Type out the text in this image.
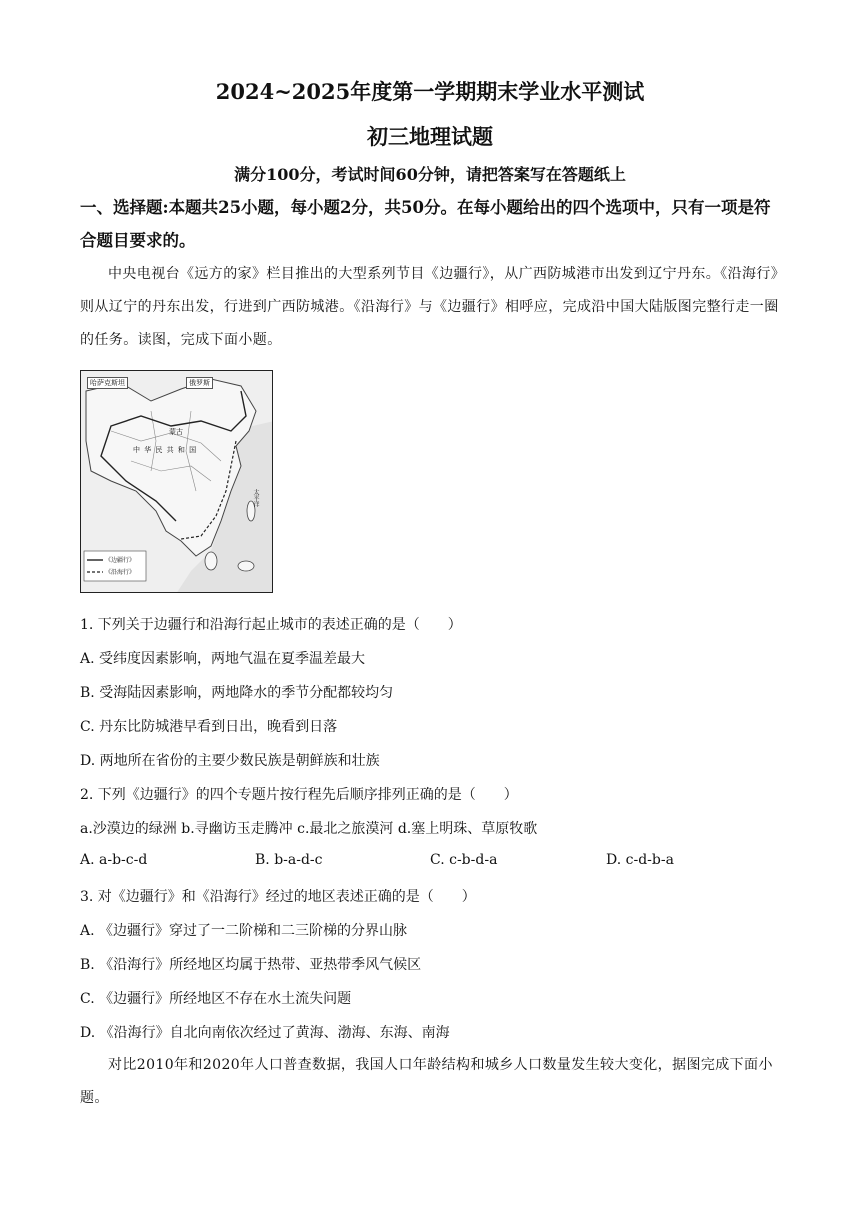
2024~2025年度第一学期期末学业水平测试
初三地理试题
满分100分，考试时间60分钟，请把答案写在答题纸上
一、选择题:本题共25小题，每小题2分，共50分。在每小题给出的四个选项中，只有一项是符合题目要求的。
中央电视台《远方的家》栏目推出的大型系列节目《边疆行》，从广西防城港市出发到辽宁丹东。《沿海行》则从辽宁的丹东出发，行进到广西防城港。《沿海行》与《边疆行》相呼应，完成沿中国大陆版图完整行走一圈的任务。读图，完成下面小题。
哈萨克斯坦	俄罗斯
蒙古
中 华 民 共 和 国
太平洋
《边疆行》
《沿海行》
1. 下列关于边疆行和沿海行起止城市的表述正确的是（　　）
A. 受纬度因素影响，两地气温在夏季温差最大
B. 受海陆因素影响，两地降水的季节分配都较均匀
C. 丹东比防城港早看到日出，晚看到日落
D. 两地所在省份的主要少数民族是朝鲜族和壮族
2. 下列《边疆行》的四个专题片按行程先后顺序排列正确的是（　　）
a.沙漠边的绿洲 b.寻幽访玉走腾冲 c.最北之旅漠河 d.塞上明珠、草原牧歌
A. a-b-c-d	B. b-a-d-c	C. c-b-d-a	D. c-d-b-a
3. 对《边疆行》和《沿海行》经过的地区表述正确的是（　　）
A. 《边疆行》穿过了一二阶梯和二三阶梯的分界山脉
B. 《沿海行》所经地区均属于热带、亚热带季风气候区
C. 《边疆行》所经地区不存在水土流失问题
D. 《沿海行》自北向南依次经过了黄海、渤海、东海、南海
对比2010年和2020年人口普查数据，我国人口年龄结构和城乡人口数量发生较大变化，据图完成下面小题。
